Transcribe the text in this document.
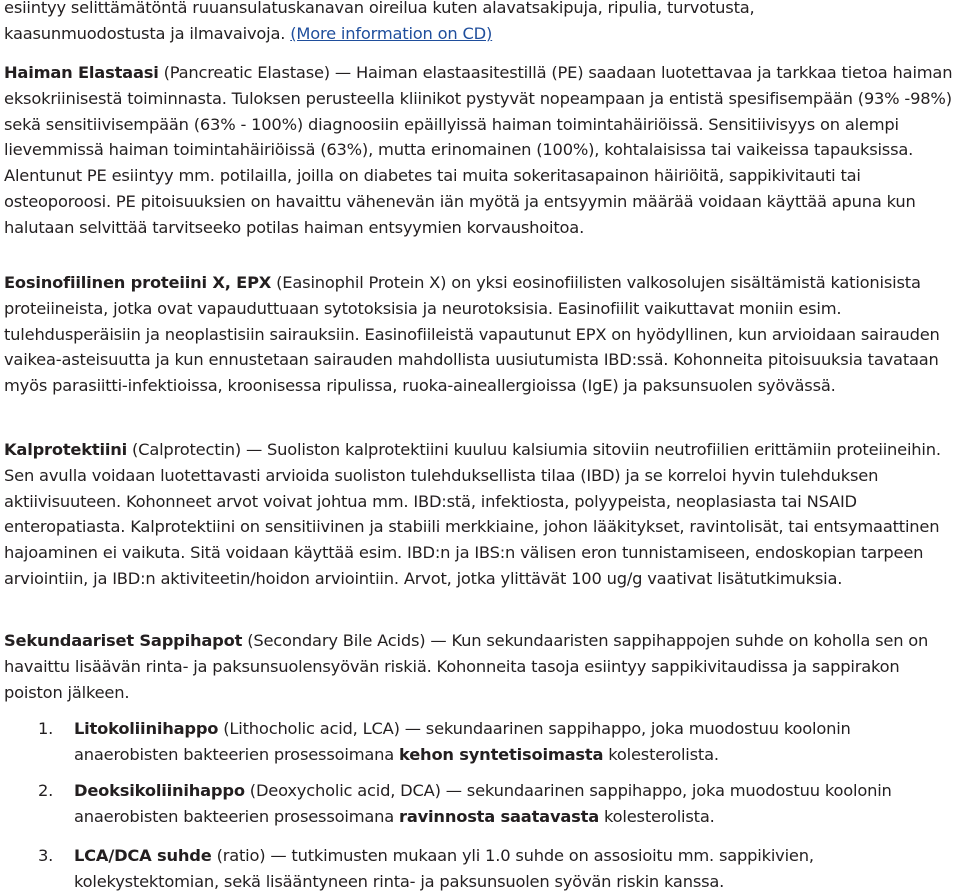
esiintyy selittämätöntä ruuansulatuskanavan oireilua kuten alavatsakipuja, ripulia, turvotusta,
kaasunmuodostusta ja ilmavaivoja. (More information on CD)

Haiman Elastaasi (Pancreatic Elastase) — Haiman elastaasitestillä (PE) saadaan luotettavaa ja tarkkaa tietoa haiman eksokriinisestä toiminnasta. Tuloksen perusteella kliinikot pystyvät nopeampaan ja entistä spesifisempään (93% -98%) sekä sensitiivisempään (63% - 100%) diagnoosiin epäillyissä haiman toimintahäiriöissä. Sensitiivisyys on alempi lievemmissä haiman toimintahäiriöissä (63%), mutta erinomainen (100%), kohtalaisissa tai vaikeissa tapauksissa. Alentunut PE esiintyy mm. potilailla, joilla on diabetes tai muita sokeritasapainon häiriöitä, sappikivitauti tai osteoporoosi. PE pitoisuuksien on havaittu vähenevän iän myötä ja entsyymin määrää voidaan käyttää apuna kun halutaan selvittää tarvitseeko potilas haiman entsyymien korvaushoitoa.

Eosinofiilinen proteiini X, EPX (Easinophil Protein X) on yksi eosinofiilisten valkosolujen sisältämistä kationisista proteiineista, jotka ovat vapauduttuaan sytotoksisia ja neurotoksisia. Easinofiilit vaikuttavat moniin esim. tulehdusperäisiin ja neoplastisiin sairauksiin. Easinofiileistä vapautunut EPX on hyödyllinen, kun arvioidaan sairauden vaikea-asteisuutta ja kun ennustetaan sairauden mahdollista uusiutumista IBD:ssä. Kohonneita pitoisuuksia tavataan myös parasiitti-infektioissa, kroonisessa ripulissa, ruoka-aineallergioissa (IgE) ja paksunsuolen syövässä.

Kalprotektiini (Calprotectin) — Suoliston kalprotektiini kuuluu kalsiumia sitoviin neutrofiilien erittämiin proteiineihin. Sen avulla voidaan luotettavasti arvioida suoliston tulehduksellista tilaa (IBD) ja se korreloi hyvin tulehduksen aktiivisuuteen. Kohonneet arvot voivat johtua mm. IBD:stä, infektiosta, polyypeista, neoplasiasta tai NSAID enteropatiasta. Kalprotektiini on sensitiivinen ja stabiili merkkiaine, johon lääkitykset, ravintolisät, tai entsymaattinen hajoaminen ei vaikuta. Sitä voidaan käyttää esim. IBD:n ja IBS:n välisen eron tunnistamiseen, endoskopian tarpeen arviointiin, ja IBD:n aktiviteetin/hoidon arviointiin. Arvot, jotka ylittävät 100 ug/g vaativat lisätutkimuksia.

Sekundaariset Sappihapot (Secondary Bile Acids) — Kun sekundaaristen sappihappojen suhde on koholla sen on havaittu lisäävän rinta- ja paksunsuolensyövän riskiä. Kohonneita tasoja esiintyy sappikivitaudissa ja sappirakon poiston jälkeen.

1. Litokoliinihappo (Lithocholic acid, LCA) — sekundaarinen sappihappo, joka muodostuu koolonin anaerobisten bakteerien prosessoimana kehon syntetisoimasta kolesterolista.
2. Deoksikoliinihappo (Deoxycholic acid, DCA) — sekundaarinen sappihappo, joka muodostuu koolonin anaerobisten bakteerien prosessoimana ravinnosta saatavasta kolesterolista.
3. LCA/DCA suhde (ratio) — tutkimusten mukaan yli 1.0 suhde on assosioitu mm. sappikivien, kolekystektomian, sekä lisääntyneen rinta- ja paksunsuolen syövän riskin kanssa.
